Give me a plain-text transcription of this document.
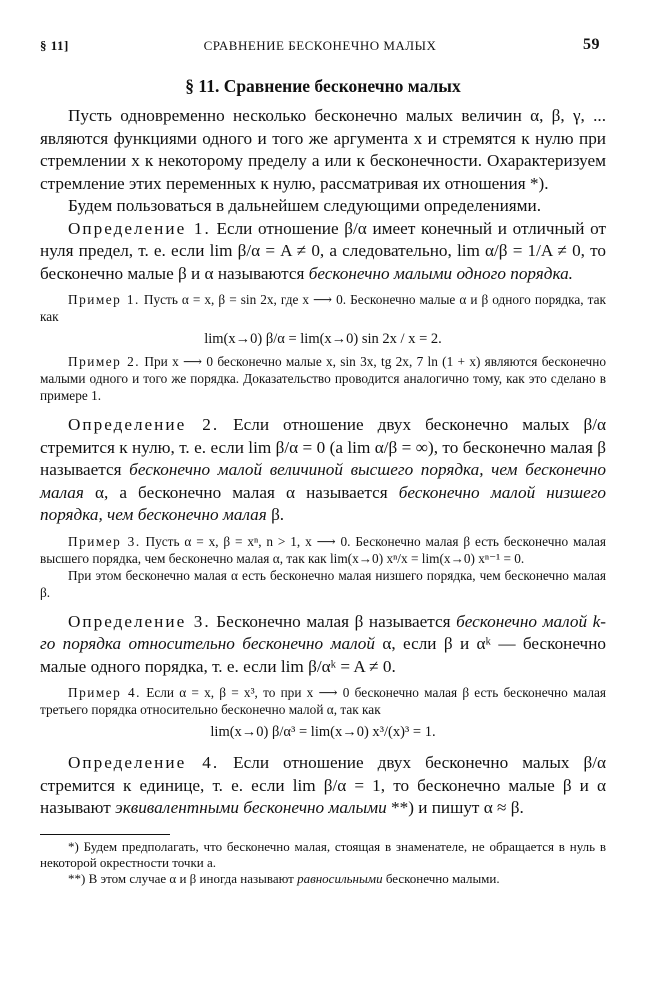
§ 11]	СРАВНЕНИЕ БЕСКОНЕЧНО МАЛЫХ	59
§ 11. Сравнение бесконечно малых

Пусть одновременно несколько бесконечно малых величин α, β, γ, ... являются функциями одного и того же аргумента x и стремятся к нулю при стремлении x к некоторому пределу a или к бесконечности. Охарактеризуем стремление этих переменных к нулю, рассматривая их отношения *).

Будем пользоваться в дальнейшем следующими определениями.

Определение 1. Если отношение β/α имеет конечный и отличный от нуля предел, т. е. если lim β/α = A ≠ 0, а следовательно, lim α/β = 1/A ≠ 0, то бесконечно малые β и α называются бесконечно малыми одного порядка.

Пример 1. Пусть α = x, β = sin 2x, где x ⟶ 0. Бесконечно малые α и β одного порядка, так как

lim(x→0) β/α = lim(x→0) sin 2x / x = 2.

Пример 2. При x ⟶ 0 бесконечно малые x, sin 3x, tg 2x, 7 ln (1 + x) являются бесконечно малыми одного и того же порядка. Доказательство проводится аналогично тому, как это сделано в примере 1.

Определение 2. Если отношение двух бесконечно малых β/α стремится к нулю, т. е. если lim β/α = 0 (a lim α/β = ∞), то бесконечно малая β называется бесконечно малой величиной высшего порядка, чем бесконечно малая α, а бесконечно малая α называется бесконечно малой низшего порядка, чем бесконечно малая β.

Пример 3. Пусть α = x, β = xⁿ, n > 1, x ⟶ 0. Бесконечно малая β есть бесконечно малая высшего порядка, чем бесконечно малая α, так как lim(x→0) xⁿ/x = lim(x→0) xⁿ⁻¹ = 0.

При этом бесконечно малая α есть бесконечно малая низшего порядка, чем бесконечно малая β.

Определение 3. Бесконечно малая β называется бесконечно малой k-го порядка относительно бесконечно малой α, если β и αᵏ — бесконечно малые одного порядка, т. е. если lim β/αᵏ = A ≠ 0.

Пример 4. Если α = x, β = x³, то при x ⟶ 0 бесконечно малая β есть бесконечно малая третьего порядка относительно бесконечно малой α, так как

lim(x→0) β/α³ = lim(x→0) x³/(x)³ = 1.

Определение 4. Если отношение двух бесконечно малых β/α стремится к единице, т. е. если lim β/α = 1, то бесконечно малые β и α называют эквивалентными бесконечно малыми **) и пишут α ≈ β.

*) Будем предполагать, что бесконечно малая, стоящая в знаменателе, не обращается в нуль в некоторой окрестности точки a.

**) В этом случае α и β иногда называют равносильными бесконечно малыми.
